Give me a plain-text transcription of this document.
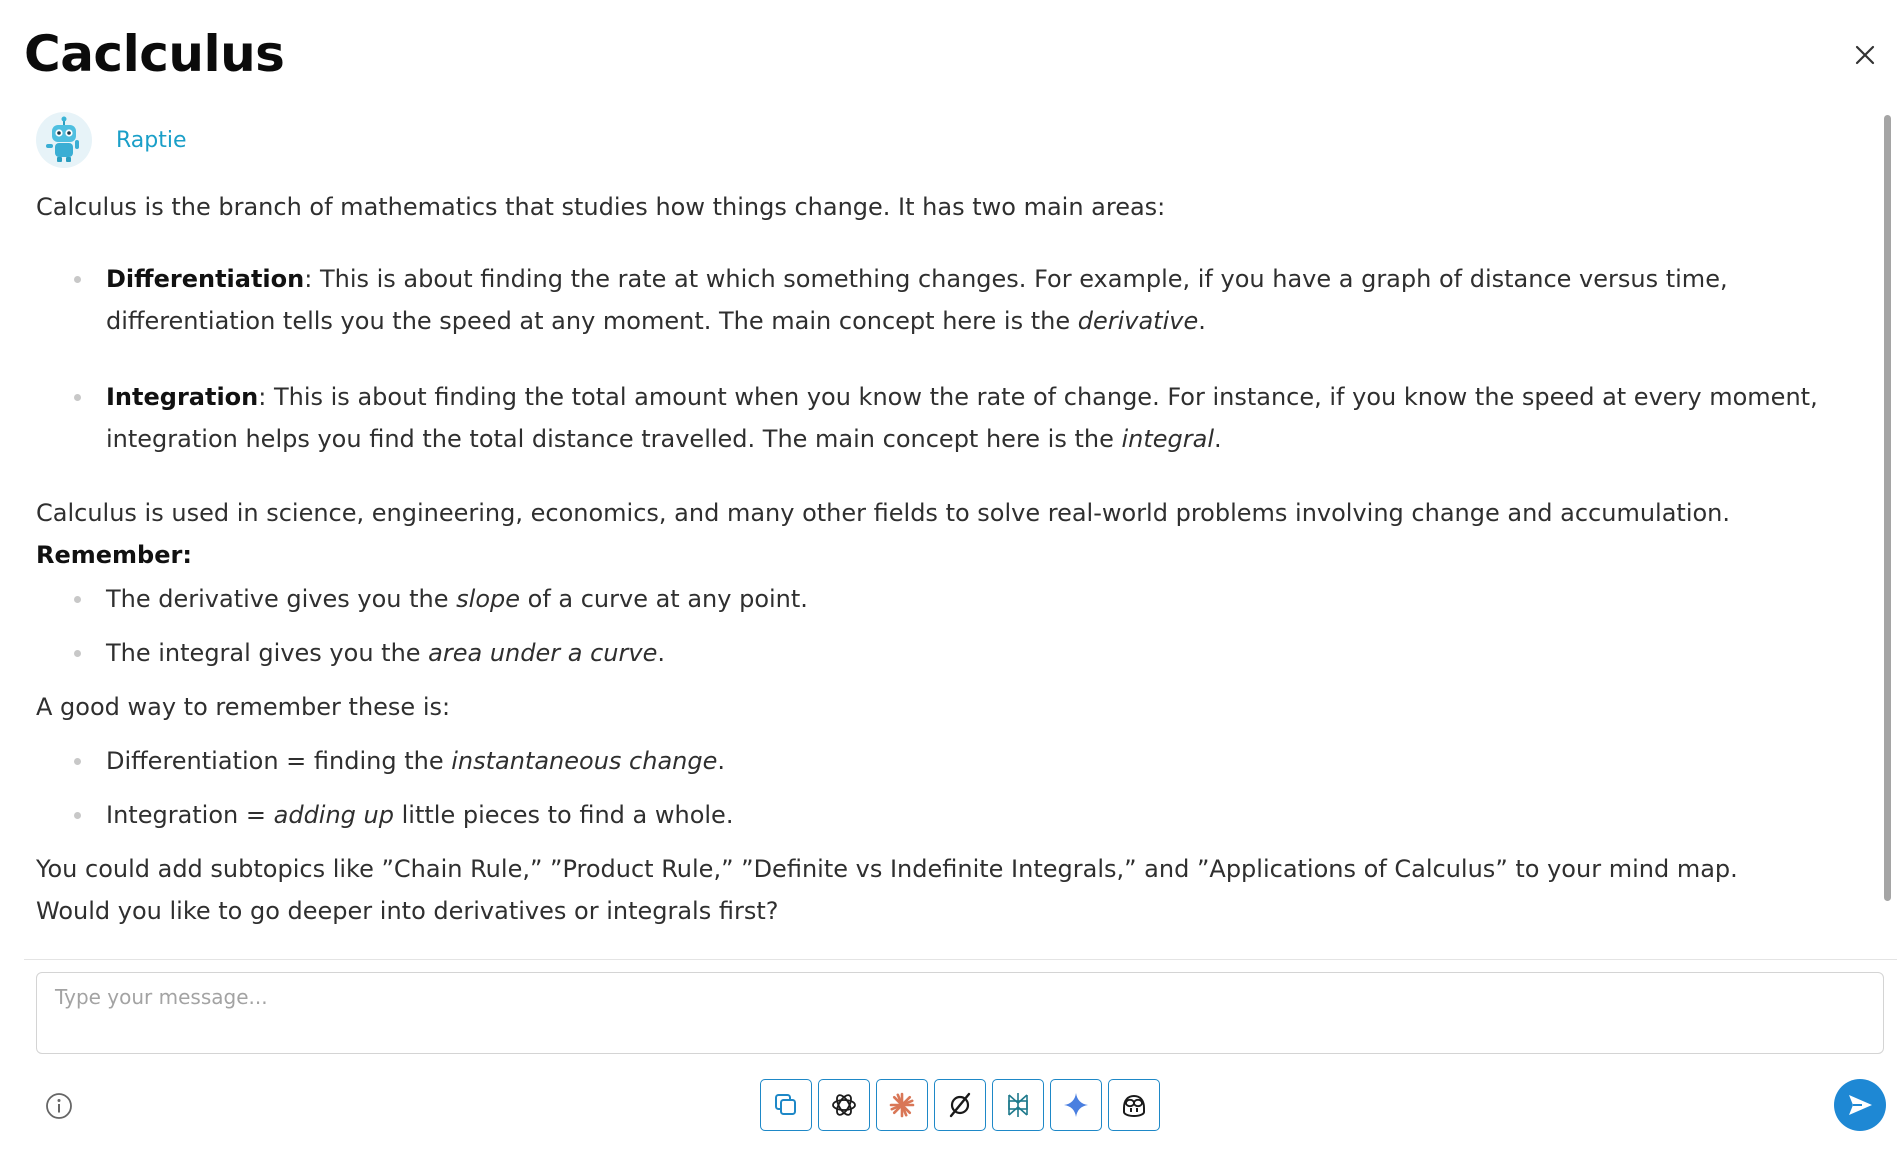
Caclculus
Raptie

Calculus is the branch of mathematics that studies how things change. It has two main areas:

Differentiation: This is about finding the rate at which something changes. For example, if you have a graph of distance versus time, differentiation tells you the speed at any moment. The main concept here is the derivative.
Integration: This is about finding the total amount when you know the rate of change. For instance, if you know the speed at every moment, integration helps you find the total distance travelled. The main concept here is the integral.

Calculus is used in science, engineering, economics, and many other fields to solve real-world problems involving change and accumulation.

Remember:

The derivative gives you the slope of a curve at any point.
The integral gives you the area under a curve.

A good way to remember these is:

Differentiation = finding the instantaneous change.
Integration = adding up little pieces to find a whole.

You could add subtopics like ”Chain Rule,” ”Product Rule,” ”Definite vs Indefinite Integrals,” and ”Applications of Calculus” to your mind map.

Would you like to go deeper into derivatives or integrals first?

Type your message...
